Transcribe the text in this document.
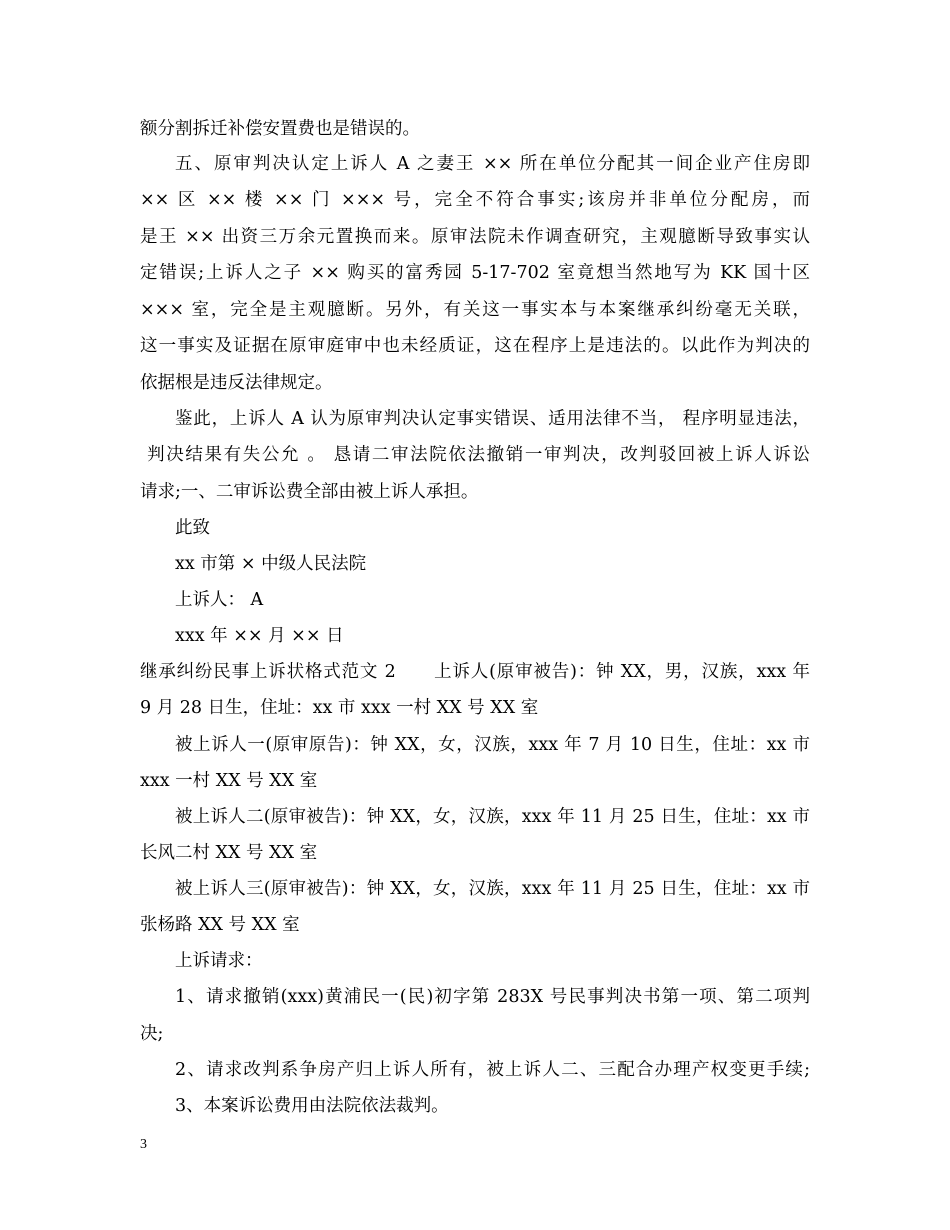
额分割拆迁补偿安置费也是错误的。
五、原审判决认定上诉人 A 之妻王 ×× 所在单位分配其一间企业产住房即
×× 区 ×× 楼 ×× 门 ××× 号，完全不符合事实;该房并非单位分配房，而
是王 ×× 出资三万余元置换而来。原审法院未作调查研究，主观臆断导致事实认
定错误;上诉人之子 ×× 购买的富秀园 5-17-702 室竟想当然地写为 KK 国十区
××× 室，完全是主观臆断。另外，有关这一事实本与本案继承纠纷毫无关联，
这一事实及证据在原审庭审中也未经质证，这在程序上是违法的。以此作为判决的
依据根是违反法律规定。
鉴此，上诉人 A 认为原审判决认定事实错误、适用法律不当， 程序明显违法，
判决结果有失公允 。 恳请二审法院依法撤销一审判决，改判驳回被上诉人诉讼
请求;一、二审诉讼费全部由被上诉人承担。
此致
xx 市第 × 中级人民法院
上诉人： A
xxx 年 ×× 月 ×× 日
继承纠纷民事上诉状格式范文 2      上诉人(原审被告)：钟 XX，男，汉族，xxx 年
9 月 28 日生，住址：xx 市 xxx 一村 XX 号 XX 室
被上诉人一(原审原告)：钟 XX，女，汉族，xxx 年 7 月 10 日生，住址：xx 市
xxx 一村 XX 号 XX 室
被上诉人二(原审被告)：钟 XX，女，汉族，xxx 年 11 月 25 日生，住址：xx 市
长风二村 XX 号 XX 室
被上诉人三(原审被告)：钟 XX，女，汉族，xxx 年 11 月 25 日生，住址：xx 市
张杨路 XX 号 XX 室
上诉请求：
1、请求撤销(xxx)黄浦民一(民)初字第 283X 号民事判决书第一项、第二项判
决;
2、请求改判系争房产归上诉人所有，被上诉人二、三配合办理产权变更手续;
3、本案诉讼费用由法院依法裁判。
3
